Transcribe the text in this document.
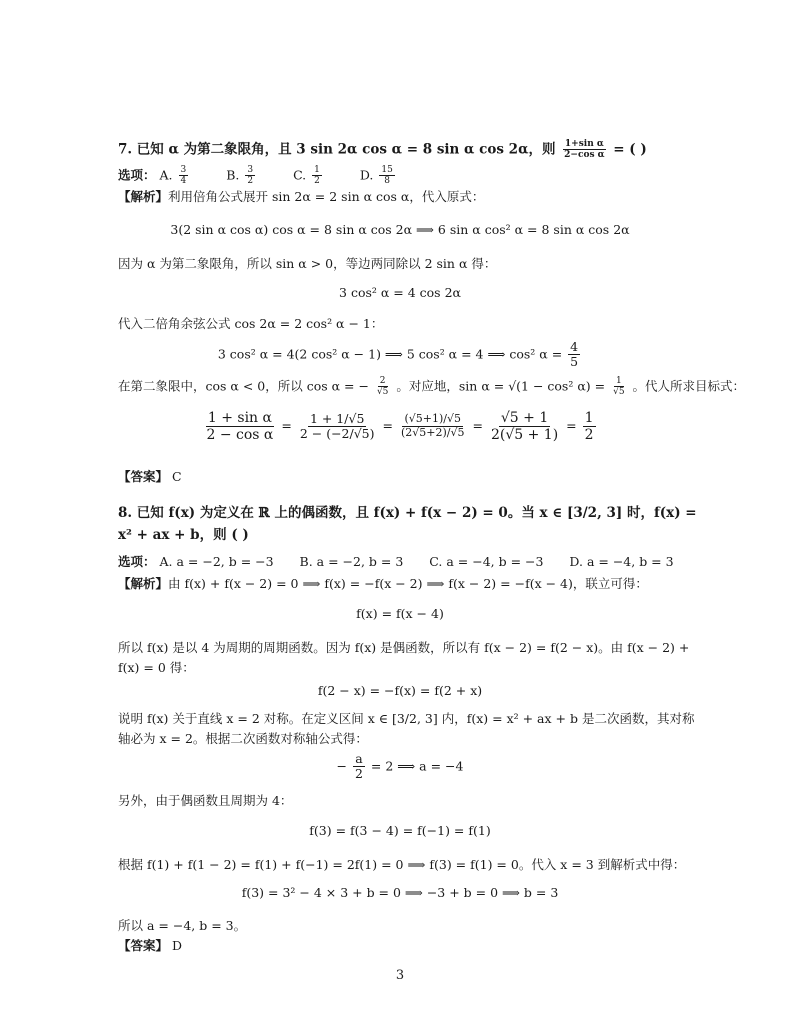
7. 已知 α 为第二象限角，且 3 sin 2α cos α = 8 sin α cos 2α，则 $\frac{\text{1+sin α}}{\text{2−cos α}}$ = ( )
选项： A. $\frac{3}{4}$	B. $\frac{3}{2}$	C. $\frac{1}{2}$	D. $\frac{15}{8}$
【解析】利用倍角公式展开 sin 2α = 2 sin α cos α，代入原式：
3(2 sin α cos α) cos α = 8 sin α cos 2α ⟹ 6 sin α cos² α = 8 sin α cos 2α
因为 α 为第二象限角，所以 sin α > 0，等边两同除以 2 sin α 得：
3 cos² α = 4 cos 2α
代入二倍角余弦公式 cos 2α = 2 cos² α − 1：
3 cos² α = 4(2 cos² α − 1) ⟹ 5 cos² α = 4 ⟹ cos² $\alpha = \frac{4}{5}$
在第二象限中，cos α < 0，所以 cos α = − $\frac{2}{√5}$ 。对应地，sin α = √(1 − cos² $\alpha) = \frac{1}{√5}$ 。代人所求目标式：
$\frac{\text{1 + sin α}}{\text{2 − cos α}} = \frac{1 + 1/√5}{2 - (-2/√5)} = \frac{(√5+1)/√5}{(2√5+2)/√5} = \frac{√5 + 1}{2(√5 + 1)} = \frac{1}{2}$
【答案】 C
8. 已知 f(x) 为定义在 ℝ 上的偶函数，且 f(x) + f(x − 2) = 0。当 x ∈ [3/2, 3] 时，f(x) =
x² + ax + b，则 ( )
选项： A. a = −2, b = −3 B. a = −2, b = 3 C. a = −4, b = −3 D. a = −4, b = 3
【解析】由 f(x) + f(x − 2) = 0 ⟹ f(x) = −f(x − 2) ⟹ f(x − 2) = −f(x − 4)，联立可得：
f(x) = f(x − 4)
所以 f(x) 是以 4 为周期的周期函数。因为 f(x) 是偶函数，所以有 f(x − 2) = f(2 − x)。由 f(x − 2) +
f(x) = 0 得：
f(2 − x) = −f(x) = f(2 + x)
说明 f(x) 关于直线 x = 2 对称。在定义区间 x ∈ [3/2, 3] 内，f(x) = x² + ax + b 是二次函数，其对称
轴必为 x = 2。根据二次函数对称轴公式得：
− $\frac{a}{2} = 2$ ⟹ a = −4
另外，由于偶函数且周期为 4：
f(3) = f(3 − 4) = f(−1) = f(1)
根据 f(1) + f(1 − 2) = f(1) + f(−1) = 2f(1) = 0 ⟹ f(3) = f(1) = 0。代入 x = 3 到解析式中得：
f(3) = 3² − 4 × 3 + b = 0 ⟹ −3 + b = 0 ⟹ b = 3
所以 a = −4, b = 3。
【答案】 D
3
